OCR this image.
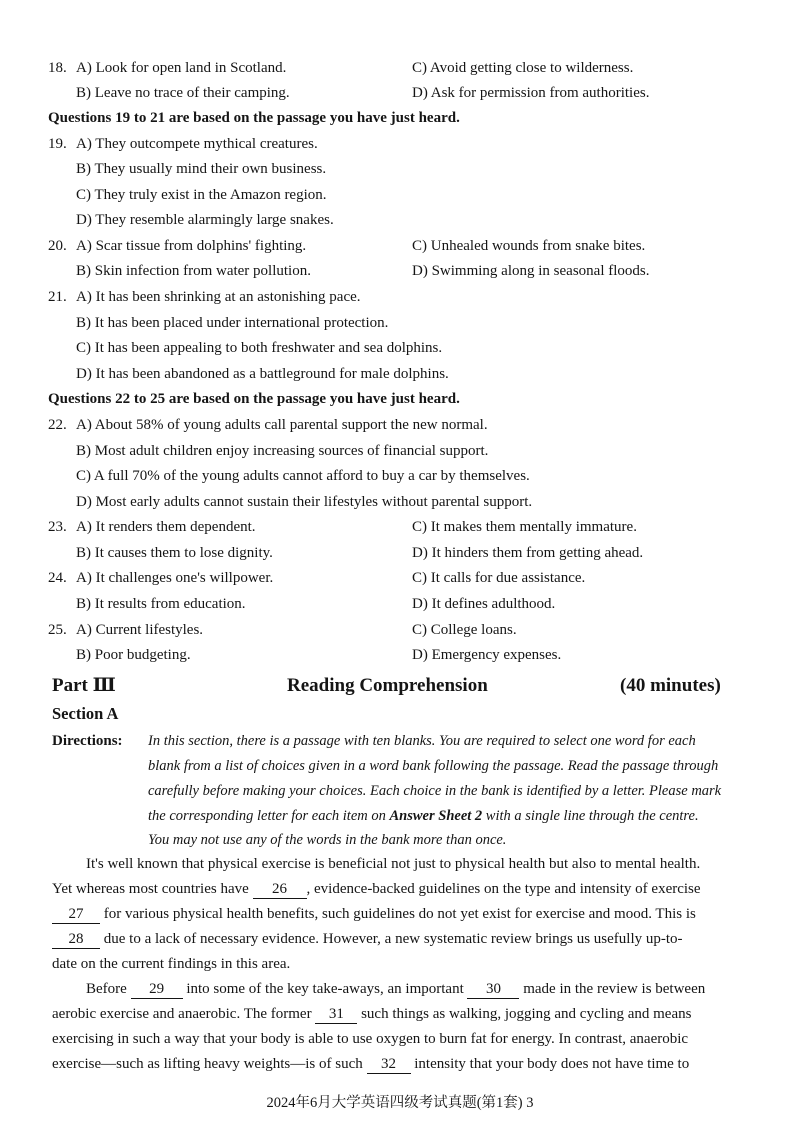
18. A) Look for open land in Scotland.	C) Avoid getting close to wilderness.
B) Leave no trace of their camping.	D) Ask for permission from authorities.
Questions 19 to 21 are based on the passage you have just heard.
19. A) They outcompete mythical creatures.
B) They usually mind their own business.
C) They truly exist in the Amazon region.
D) They resemble alarmingly large snakes.
20. A) Scar tissue from dolphins' fighting.	C) Unhealed wounds from snake bites.
B) Skin infection from water pollution.	D) Swimming along in seasonal floods.
21. A) It has been shrinking at an astonishing pace.
B) It has been placed under international protection.
C) It has been appealing to both freshwater and sea dolphins.
D) It has been abandoned as a battleground for male dolphins.
Questions 22 to 25 are based on the passage you have just heard.
22. A) About 58% of young adults call parental support the new normal.
B) Most adult children enjoy increasing sources of financial support.
C) A full 70% of the young adults cannot afford to buy a car by themselves.
D) Most early adults cannot sustain their lifestyles without parental support.
23. A) It renders them dependent.	C) It makes them mentally immature.
B) It causes them to lose dignity.	D) It hinders them from getting ahead.
24. A) It challenges one's willpower.	C) It calls for due assistance.
B) It results from education.	D) It defines adulthood.
25. A) Current lifestyles.	C) College loans.
B) Poor budgeting.	D) Emergency expenses.
Part Ⅲ	Reading Comprehension	(40 minutes)
Section A
Directions: In this section, there is a passage with ten blanks. You are required to select one word for each
blank from a list of choices given in a word bank following the passage. Read the passage through
carefully before making your choices. Each choice in the bank is identified by a letter. Please mark
the corresponding letter for each item on Answer Sheet 2 with a single line through the centre.
You may not use any of the words in the bank more than once.
It's well known that physical exercise is beneficial not just to physical health but also to mental health.
Yet whereas most countries have 26 , evidence-backed guidelines on the type and intensity of exercise
27 for various physical health benefits, such guidelines do not yet exist for exercise and mood. This is
28 due to a lack of necessary evidence. However, a new systematic review brings us usefully up-to-
date on the current findings in this area.
Before 29 into some of the key take-aways, an important 30 made in the review is between
aerobic exercise and anaerobic. The former 31 such things as walking, jogging and cycling and means
exercising in such a way that your body is able to use oxygen to burn fat for energy. In contrast, anaerobic
exercise—such as lifting heavy weights—is of such 32 intensity that your body does not have time to
2024年6月大学英语四级考试真题(第1套) 3
